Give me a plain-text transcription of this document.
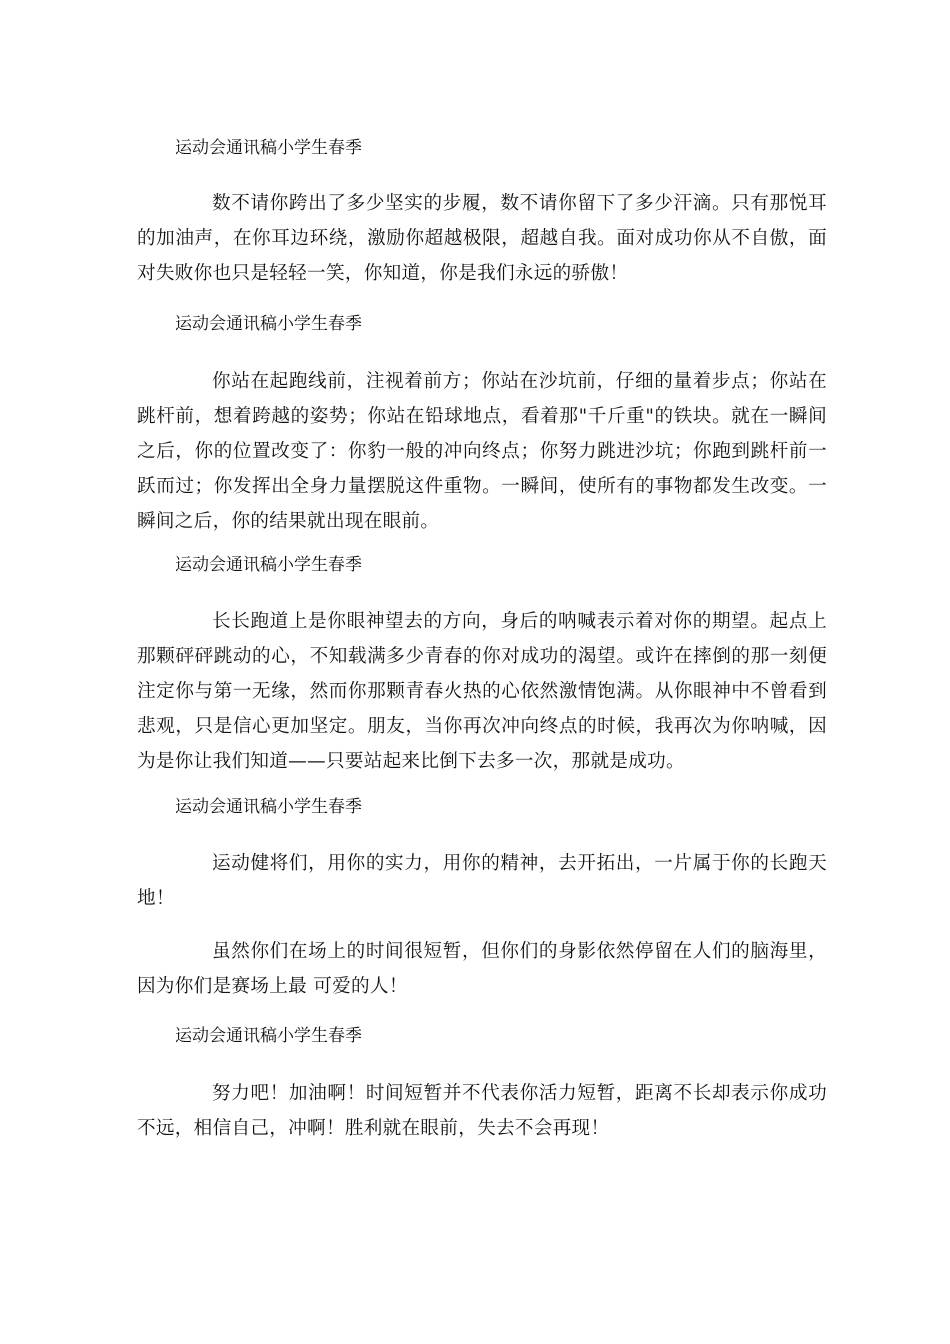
运动会通讯稿小学生春季
数不请你跨出了多少坚实的步履，数不请你留下了多少汗滴。只有那悦耳的加油声，在你耳边环绕，激励你超越极限，超越自我。面对成功你从不自傲，面对失败你也只是轻轻一笑，你知道，你是我们永远的骄傲！
运动会通讯稿小学生春季
你站在起跑线前，注视着前方；你站在沙坑前，仔细的量着步点；你站在跳杆前，想着跨越的姿势；你站在铅球地点，看着那"千斤重"的铁块。就在一瞬间之后，你的位置改变了：你豹一般的冲向终点；你努力跳进沙坑；你跑到跳杆前一跃而过；你发挥出全身力量摆脱这件重物。一瞬间，使所有的事物都发生改变。一瞬间之后，你的结果就出现在眼前。
运动会通讯稿小学生春季
长长跑道上是你眼神望去的方向，身后的呐喊表示着对你的期望。起点上那颗砰砰跳动的心，不知载满多少青春的你对成功的渴望。或许在摔倒的那一刻便注定你与第一无缘，然而你那颗青春火热的心依然激情饱满。从你眼神中不曾看到悲观，只是信心更加坚定。朋友，当你再次冲向终点的时候，我再次为你呐喊，因为是你让我们知道——只要站起来比倒下去多一次，那就是成功。
运动会通讯稿小学生春季
运动健将们，用你的实力，用你的精神，去开拓出，一片属于你的长跑天地！
虽然你们在场上的时间很短暂，但你们的身影依然停留在人们的脑海里，因为你们是赛场上最 可爱的人！
运动会通讯稿小学生春季
努力吧！加油啊！时间短暂并不代表你活力短暂，距离不长却表示你成功不远，相信自己，冲啊！胜利就在眼前，失去不会再现！
